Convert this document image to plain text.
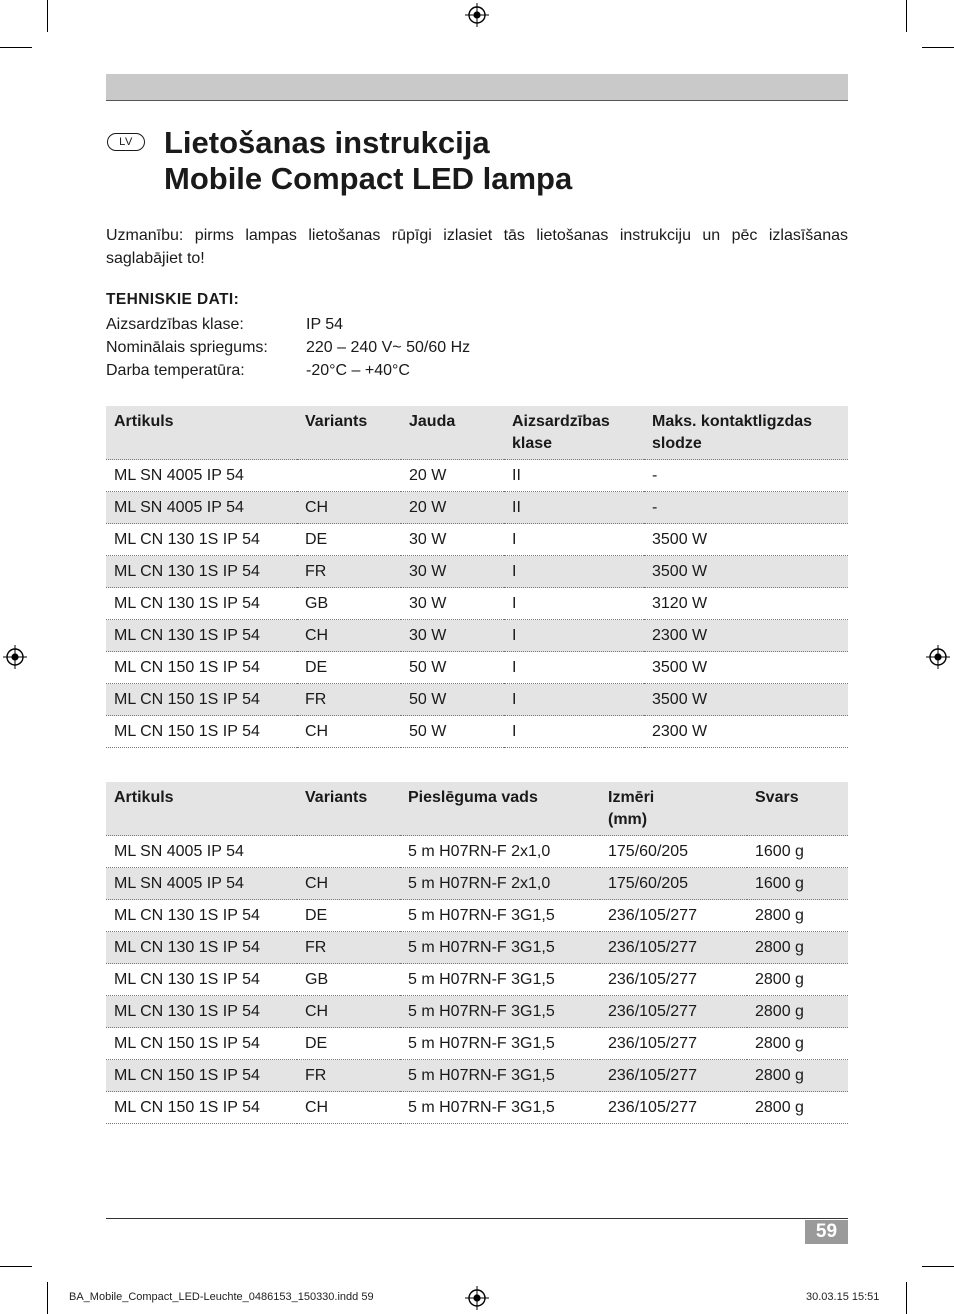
LV	Lietošanas instrukcija
Mobile Compact LED lampa

Uzmanību: pirms lampas lietošanas rūpīgi izlasiet tās lietošanas instrukciju un pēc izlasīšanas saglabājiet to!

TEHNISKIE DATI:
Aizsardzības klase:	IP 54
Nominālais spriegums: 220 – 240 V~ 50/60 Hz
Darba temperatūra:	-20°C – +40°C
Artikuls	Variants	Jauda	Aizsardzības klase	Maks. kontaktligzdas slodze
ML SN 4005 IP 54		20 W	II	-
ML SN 4005 IP 54	CH	20 W	II	-
ML CN 130 1S IP 54	DE	30 W	I	3500 W
ML CN 130 1S IP 54	FR	30 W	I	3500 W
ML CN 130 1S IP 54	GB	30 W	I	3120 W
ML CN 130 1S IP 54	CH	30 W	I	2300 W
ML CN 150 1S IP 54	DE	50 W	I	3500 W
ML CN 150 1S IP 54	FR	50 W	I	3500 W
ML CN 150 1S IP 54	CH	50 W	I	2300 W
Artikuls	Variants	Pieslēguma vads	Izmēri (mm)	Svars
ML SN 4005 IP 54		5 m H07RN-F 2x1,0	175/60/205	1600 g
ML SN 4005 IP 54	CH	5 m H07RN-F 2x1,0	175/60/205	1600 g
ML CN 130 1S IP 54	DE	5 m H07RN-F 3G1,5	236/105/277	2800 g
ML CN 130 1S IP 54	FR	5 m H07RN-F 3G1,5	236/105/277	2800 g
ML CN 130 1S IP 54	GB	5 m H07RN-F 3G1,5	236/105/277	2800 g
ML CN 130 1S IP 54	CH	5 m H07RN-F 3G1,5	236/105/277	2800 g
ML CN 150 1S IP 54	DE	5 m H07RN-F 3G1,5	236/105/277	2800 g
ML CN 150 1S IP 54	FR	5 m H07RN-F 3G1,5	236/105/277	2800 g
ML CN 150 1S IP 54	CH	5 m H07RN-F 3G1,5	236/105/277	2800 g
59
BA_Mobile_Compact_LED-Leuchte_0486153_150330.indd 59	30.03.15 15:51
